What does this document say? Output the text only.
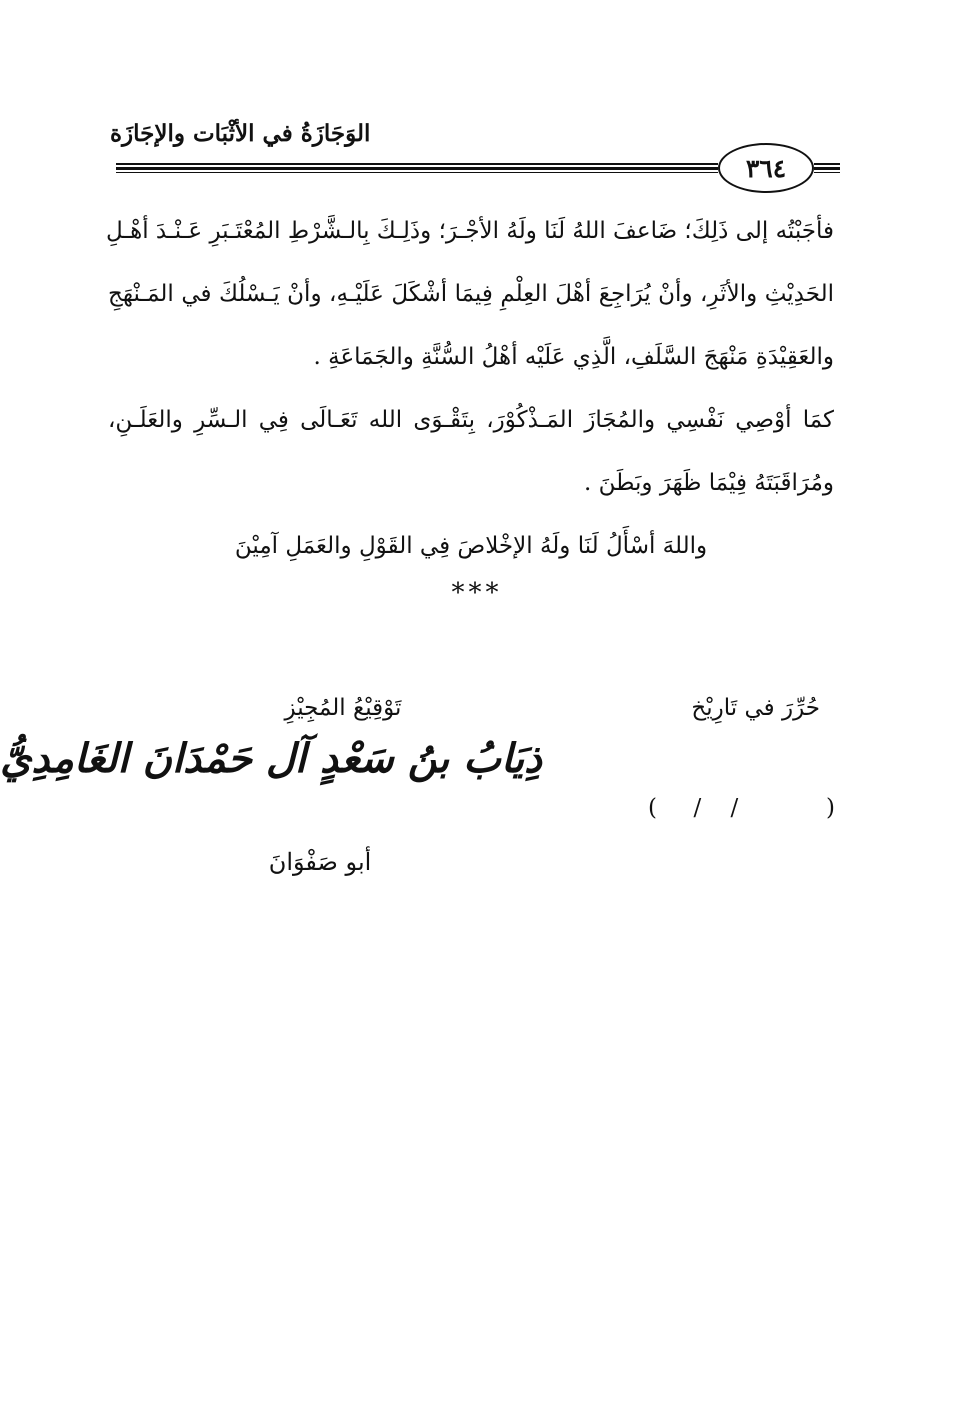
الوَجَازَةُ في الأثْبَات والإجَازَة
٣٦٤
فأجَبْتُه إلى ذَلِكَ؛ ضَاعفَ اللهُ لَنَا ولَهُ الأجْـرَ؛ وذَلِـكَ بِالـشَّرْطِ المُعْتَـبَرِ عَـنْـدَ أهْـلِ
الحَدِيْثِ والأثَرِ، وأنْ يُرَاجِعَ أهْلَ العِلْمِ فِيمَا أشْكَلَ عَلَيْـهِ، وأنْ يَـسْلُكَ في المَـنْهَجِ
والعَقِيْدَةِ مَنْهَجَ السَّلَفِ، الَّذِي عَلَيْه أهْلُ السُّنَّةِ والجَمَاعَةِ .
كمَا أوْصِي نَفْسِي والمُجَازَ المَـذْكُوْرَ، بِتَقْـوَى الله تَعَـالَى فِي الـسِّرِ والعَلَـنِ،
ومُرَاقَبَتَهُ فِيْمَا ظَهَرَ وبَطَنَ .
واللهَ أسْأَلُ لَنَا ولَهُ الإخْلاصَ فِي القَوْلِ والعَمَلِ آمِيْنَ
***
حُرِّرَ في تَارِيْخ
(     /    /            )
تَوْقِيْعُ المُجِيْزِ
ذِيَابُ بنُ سَعْدٍ آل حَمْدَانَ الغَامِدِيُّ
أبو صَفْوَانَ
